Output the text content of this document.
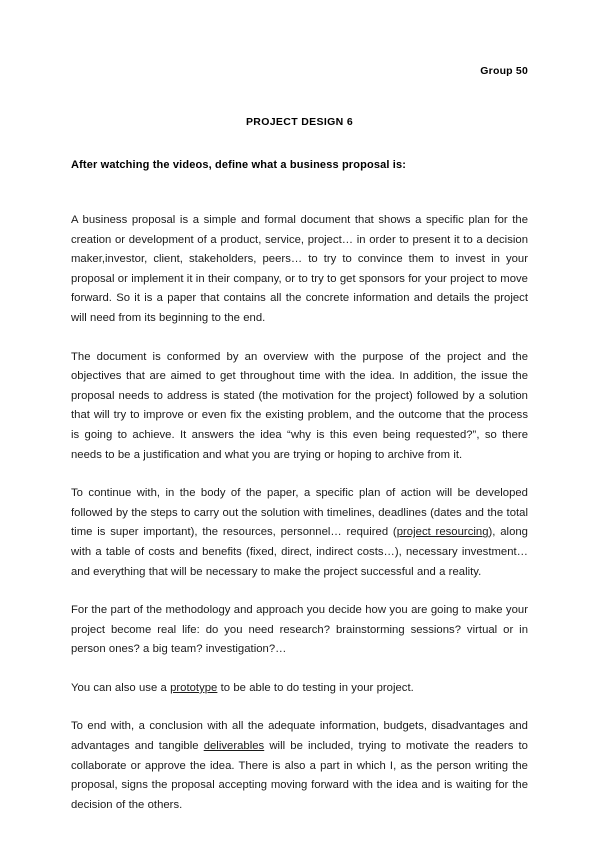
Group 50
PROJECT DESIGN 6
After watching the videos, define what a business proposal is:

A business proposal is a simple and formal document that shows a specific plan for the creation or development of a product, service, project… in order to present it to a decision maker,investor, client, stakeholders, peers… to try to convince them to invest in your proposal or implement it in their company, or to try to get sponsors for your project to move forward. So it is a paper that contains all the concrete information and details the project will need from its beginning to the end.

The document is conformed by an overview with the purpose of the project and the objectives that are aimed to get throughout time with the idea. In addition, the issue the proposal needs to address is stated (the motivation for the project) followed by a solution that will try to improve or even fix the existing problem, and the outcome that the process is going to achieve. It answers the idea “why is this even being requested?”, so there needs to be a justification and what you are trying or hoping to archive from it.

To continue with, in the body of the paper, a specific plan of action will be developed followed by the steps to carry out the solution with timelines, deadlines (dates and the total time is super important), the resources, personnel… required (project resourcing), along with a table of costs and benefits (fixed, direct, indirect costs…), necessary investment… and everything that will be necessary to make the project successful and a reality.

For the part of the methodology and approach you decide how you are going to make your project become real life: do you need research? brainstorming sessions? virtual or in person ones? a big team? investigation?…

You can also use a prototype to be able to do testing in your project.

To end with, a conclusion with all the adequate information, budgets, disadvantages and advantages and tangible deliverables will be included, trying to motivate the readers to collaborate or approve the idea. There is also a part in which I, as the person writing the proposal, signs the proposal accepting moving forward with the idea and is waiting for the decision of the others.
